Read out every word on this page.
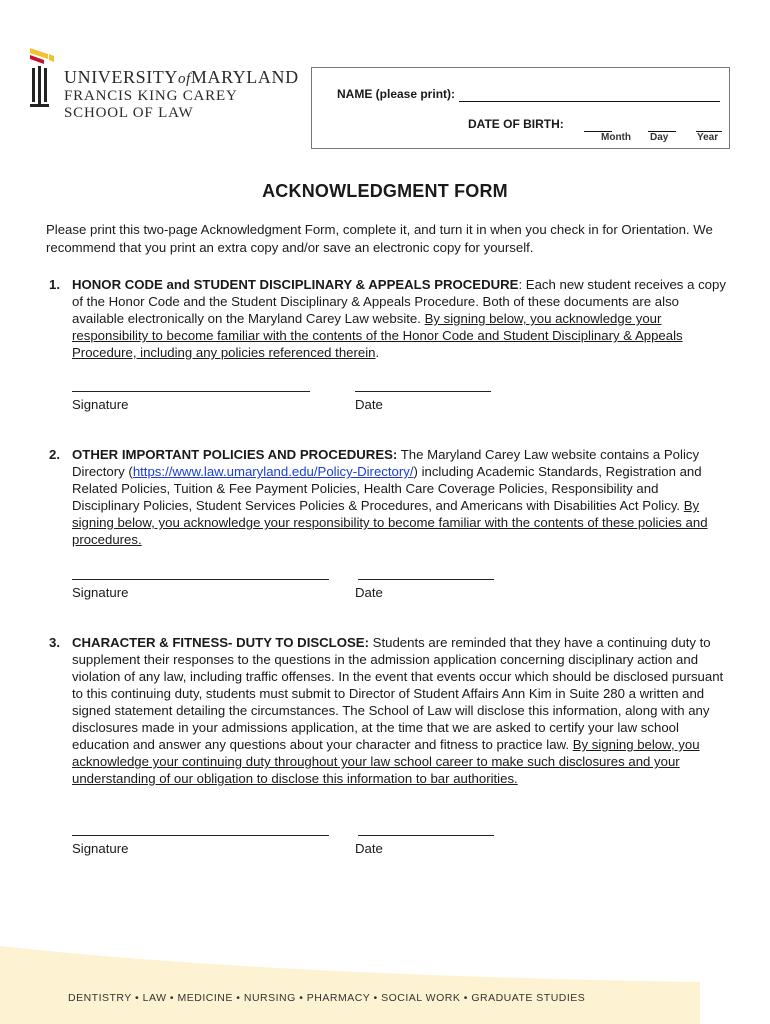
UNIVERSITYofMARYLAND
FRANCIS KING CAREY
SCHOOL OF LAW
NAME (please print):
DATE OF BIRTH:
Month Day	Year
ACKNOWLEDGMENT FORM
Please print this two-page Acknowledgment Form, complete it, and turn it in when you check in for Orientation. We recommend that you print an extra copy and/or save an electronic copy for yourself.
1. HONOR CODE and STUDENT DISCIPLINARY & APPEALS PROCEDURE: Each new student receives a copy of the Honor Code and the Student Disciplinary & Appeals Procedure. Both of these documents are also available electronically on the Maryland Carey Law website. By signing below, you acknowledge your responsibility to become familiar with the contents of the Honor Code and Student Disciplinary & Appeals Procedure, including any policies referenced therein.
Signature	Date
2. OTHER IMPORTANT POLICIES AND PROCEDURES: The Maryland Carey Law website contains a Policy Directory (https://www.law.umaryland.edu/Policy-Directory/) including Academic Standards, Registration and Related Policies, Tuition & Fee Payment Policies, Health Care Coverage Policies, Responsibility and Disciplinary Policies, Student Services Policies & Procedures, and Americans with Disabilities Act Policy. By signing below, you acknowledge your responsibility to become familiar with the contents of these policies and procedures.
Signature	Date
3. CHARACTER & FITNESS- DUTY TO DISCLOSE: Students are reminded that they have a continuing duty to supplement their responses to the questions in the admission application concerning disciplinary action and violation of any law, including traffic offenses. In the event that events occur which should be disclosed pursuant to this continuing duty, students must submit to Director of Student Affairs Ann Kim in Suite 280 a written and signed statement detailing the circumstances. The School of Law will disclose this information, along with any disclosures made in your admissions application, at the time that we are asked to certify your law school education and answer any questions about your character and fitness to practice law. By signing below, you acknowledge your continuing duty throughout your law school career to make such disclosures and your understanding of our obligation to disclose this information to bar authorities.
Signature	Date
DENTISTRY • LAW • MEDICINE • NURSING • PHARMACY • SOCIAL WORK • GRADUATE STUDIES
